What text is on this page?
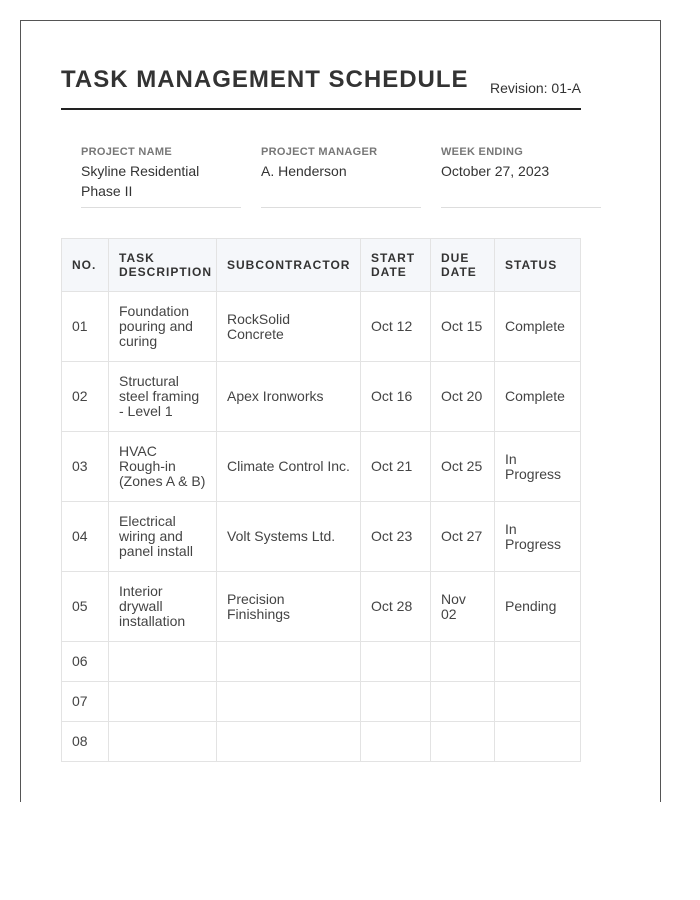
TASK MANAGEMENT SCHEDULE Revision: 01-A
PROJECT NAME
Skyline Residential Phase II
PROJECT MANAGER
A. Henderson
WEEK ENDING
October 27, 2023
NO.	TASK DESCRIPTION	SUBCONTRACTOR	START DATE	DUE DATE	STATUS
01	Foundation pouring and curing	RockSolid Concrete	Oct 12	Oct 15	Complete
02	Structural steel framing - Level 1	Apex Ironworks	Oct 16	Oct 20	Complete
03	HVAC Rough-in (Zones A & B)	Climate Control Inc.	Oct 21	Oct 25	In Progress
04	Electrical wiring and panel install	Volt Systems Ltd.	Oct 23	Oct 27	In Progress
05	Interior drywall installation	Precision Finishings	Oct 28	Nov 02	Pending
06					
07					
08					
